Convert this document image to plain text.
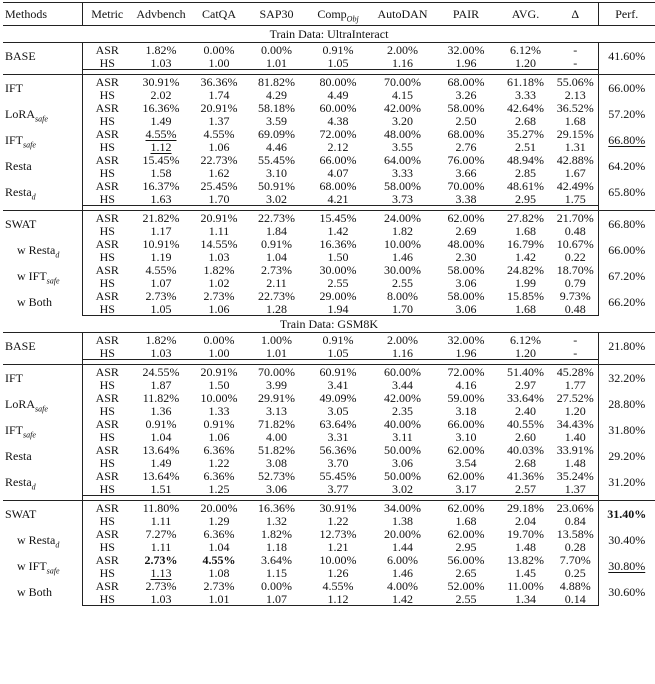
Methods	Metric	Advbench	CatQA	SAP30	Comp$_{Obj}$	AutoDAN	PAIR	AVG.	Δ	Perf.
Train Data: UltraInteract										
BASE	ASR	1.82%	0.00%	0.00%	0.91%	2.00%	32.00%	6.12%	-	41.60%
	HS	1.03	1.00	1.01	1.05	1.16	1.96	1.20	-	

IFT	ASR	30.91%	36.36%	81.82%	80.00%	70.00%	68.00%	61.18%	55.06%	66.00%
	HS	2.02	1.74	4.29	4.49	4.15	3.26	3.33	2.13	
LoRA$_{safe}$	ASR	16.36%	20.91%	58.18%	60.00%	42.00%	58.00%	42.64%	36.52%	57.20%
	HS	1.49	1.37	3.59	4.38	3.20	2.50	2.68	1.68	
$IFT_{safe}$	ASR	4.55%	4.55%	69.09%	72.00%	48.00%	68.00%	35.27%	29.15%	66.80%
	HS	1.12	1.06	4.46	2.12	3.55	2.76	2.51	1.31	
Resta	ASR	15.45%	22.73%	55.45%	66.00%	64.00%	76.00%	48.94%	42.88%	64.20%
	HS	1.58	1.62	3.10	4.07	3.33	3.66	2.85	1.67	
Resta$_d$	ASR	16.37%	25.45%	50.91%	68.00%	58.00%	70.00%	48.61%	42.49%	65.80%
	HS	1.63	1.70	3.02	4.21	3.73	3.38	2.95	1.75	

SWAT	ASR	21.82%	20.91%	22.73%	15.45%	24.00%	62.00%	27.82%	21.70%	66.80%
	HS	1.17	1.11	1.84	1.42	1.82	2.69	1.68	0.48	
w Resta$_d$	ASR	10.91%	14.55%	0.91%	16.36%	10.00%	48.00%	16.79%	10.67%	66.00%
	HS	1.19	1.03	1.04	1.50	1.46	2.30	1.42	0.22	
w $IFT_{safe}$	ASR	4.55%	1.82%	2.73%	30.00%	30.00%	58.00%	24.82%	18.70%	67.20%
	HS	1.07	1.02	2.11	2.55	2.55	3.06	1.99	0.79	
w Both	ASR	2.73%	2.73%	22.73%	29.00%	8.00%	58.00%	15.85%	9.73%	66.20%
	HS	1.05	1.06	1.28	1.94	1.70	3.06	1.68	0.48	
Train Data: GSM8K										
BASE	ASR	1.82%	0.00%	1.00%	0.91%	2.00%	32.00%	6.12%	-	21.80%
	HS	1.03	1.00	1.01	1.05	1.16	1.96	1.20	-	

IFT	ASR	24.55%	20.91%	70.00%	60.91%	60.00%	72.00%	51.40%	45.28%	32.20%
	HS	1.87	1.50	3.99	3.41	3.44	4.16	2.97	1.77	
LoRA$_{safe}$	ASR	11.82%	10.00%	29.91%	49.09%	42.00%	59.00%	33.64%	27.52%	28.80%
	HS	1.36	1.33	3.13	3.05	2.35	3.18	2.40	1.20	
$IFT_{safe}$	ASR	0.91%	0.91%	71.82%	63.64%	40.00%	66.00%	40.55%	34.43%	31.80%
	HS	1.04	1.06	4.00	3.31	3.11	3.10	2.60	1.40	
Resta	ASR	13.64%	6.36%	51.82%	56.36%	50.00%	62.00%	40.03%	33.91%	29.20%
	HS	1.49	1.22	3.08	3.70	3.06	3.54	2.68	1.48	
Resta$_d$	ASR	13.64%	6.36%	52.73%	55.45%	50.00%	62.00%	41.36%	35.24%	31.20%
	HS	1.51	1.25	3.06	3.77	3.02	3.17	2.57	1.37	

SWAT	ASR	11.80%	20.00%	16.36%	30.91%	34.00%	62.00%	29.18%	23.06%	31.40%
	HS	1.11	1.29	1.32	1.22	1.38	1.68	2.04	0.84	
w Resta$_d$	ASR	7.27%	6.36%	1.82%	12.73%	20.00%	62.00%	19.70%	13.58%	30.40%
	HS	1.11	1.04	1.18	1.21	1.44	2.95	1.48	0.28	
w $IFT_{safe}$	ASR	2.73%	4.55%	3.64%	10.00%	6.00%	56.00%	13.82%	7.70%	30.80%
	HS	1.13	1.08	1.15	1.26	1.46	2.65	1.45	0.25	
w Both	ASR	2.73%	2.73%	0.00%	4.55%	4.00%	52.00%	11.00%	4.88%	30.60%
	HS	1.03	1.01	1.07	1.12	1.42	2.55	1.34	0.14	
